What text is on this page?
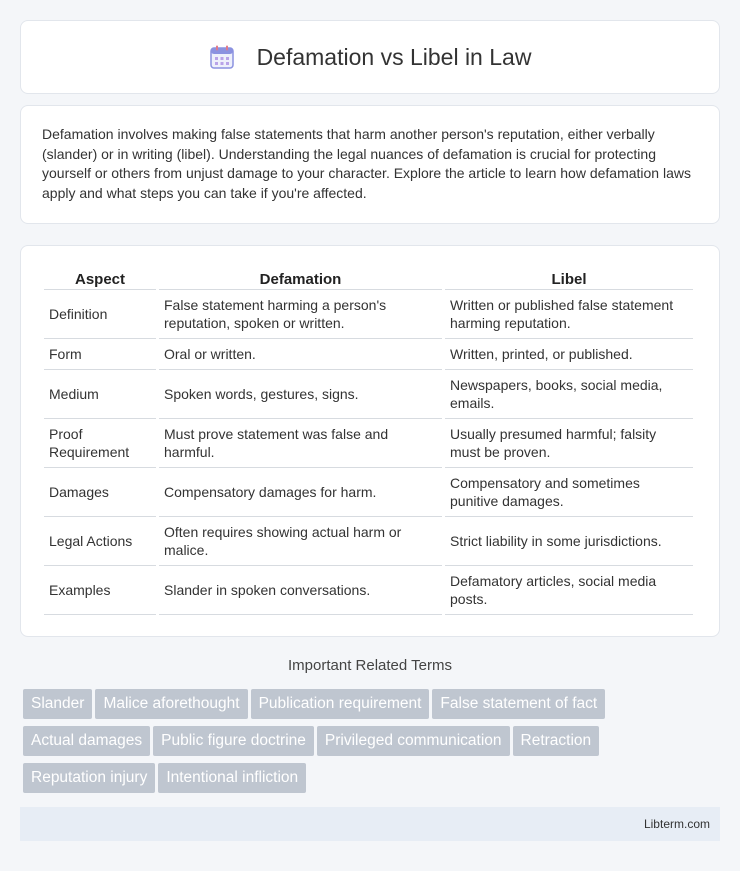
Defamation vs Libel in Law

Defamation involves making false statements that harm another person's reputation, either verbally (slander) or in writing (libel). Understanding the legal nuances of defamation is crucial for protecting yourself or others from unjust damage to your character. Explore the article to learn how defamation laws apply and what steps you can take if you're affected.

Aspect	Defamation	Libel
Definition	False statement harming a person's reputation, spoken or written.	Written or published false statement harming reputation.
Form	Oral or written.	Written, printed, or published.
Medium	Spoken words, gestures, signs.	Newspapers, books, social media, emails.
Proof Requirement	Must prove statement was false and harmful.	Usually presumed harmful; falsity must be proven.
Damages	Compensatory damages for harm.	Compensatory and sometimes punitive damages.
Legal Actions	Often requires showing actual harm or malice.	Strict liability in some jurisdictions.
Examples	Slander in spoken conversations.	Defamatory articles, social media posts.
Important Related Terms
Slander Malice aforethought Publication requirement False statement of fact
Actual damages Public figure doctrine Privileged communication Retraction
Reputation injury Intentional infliction
Libterm.com
